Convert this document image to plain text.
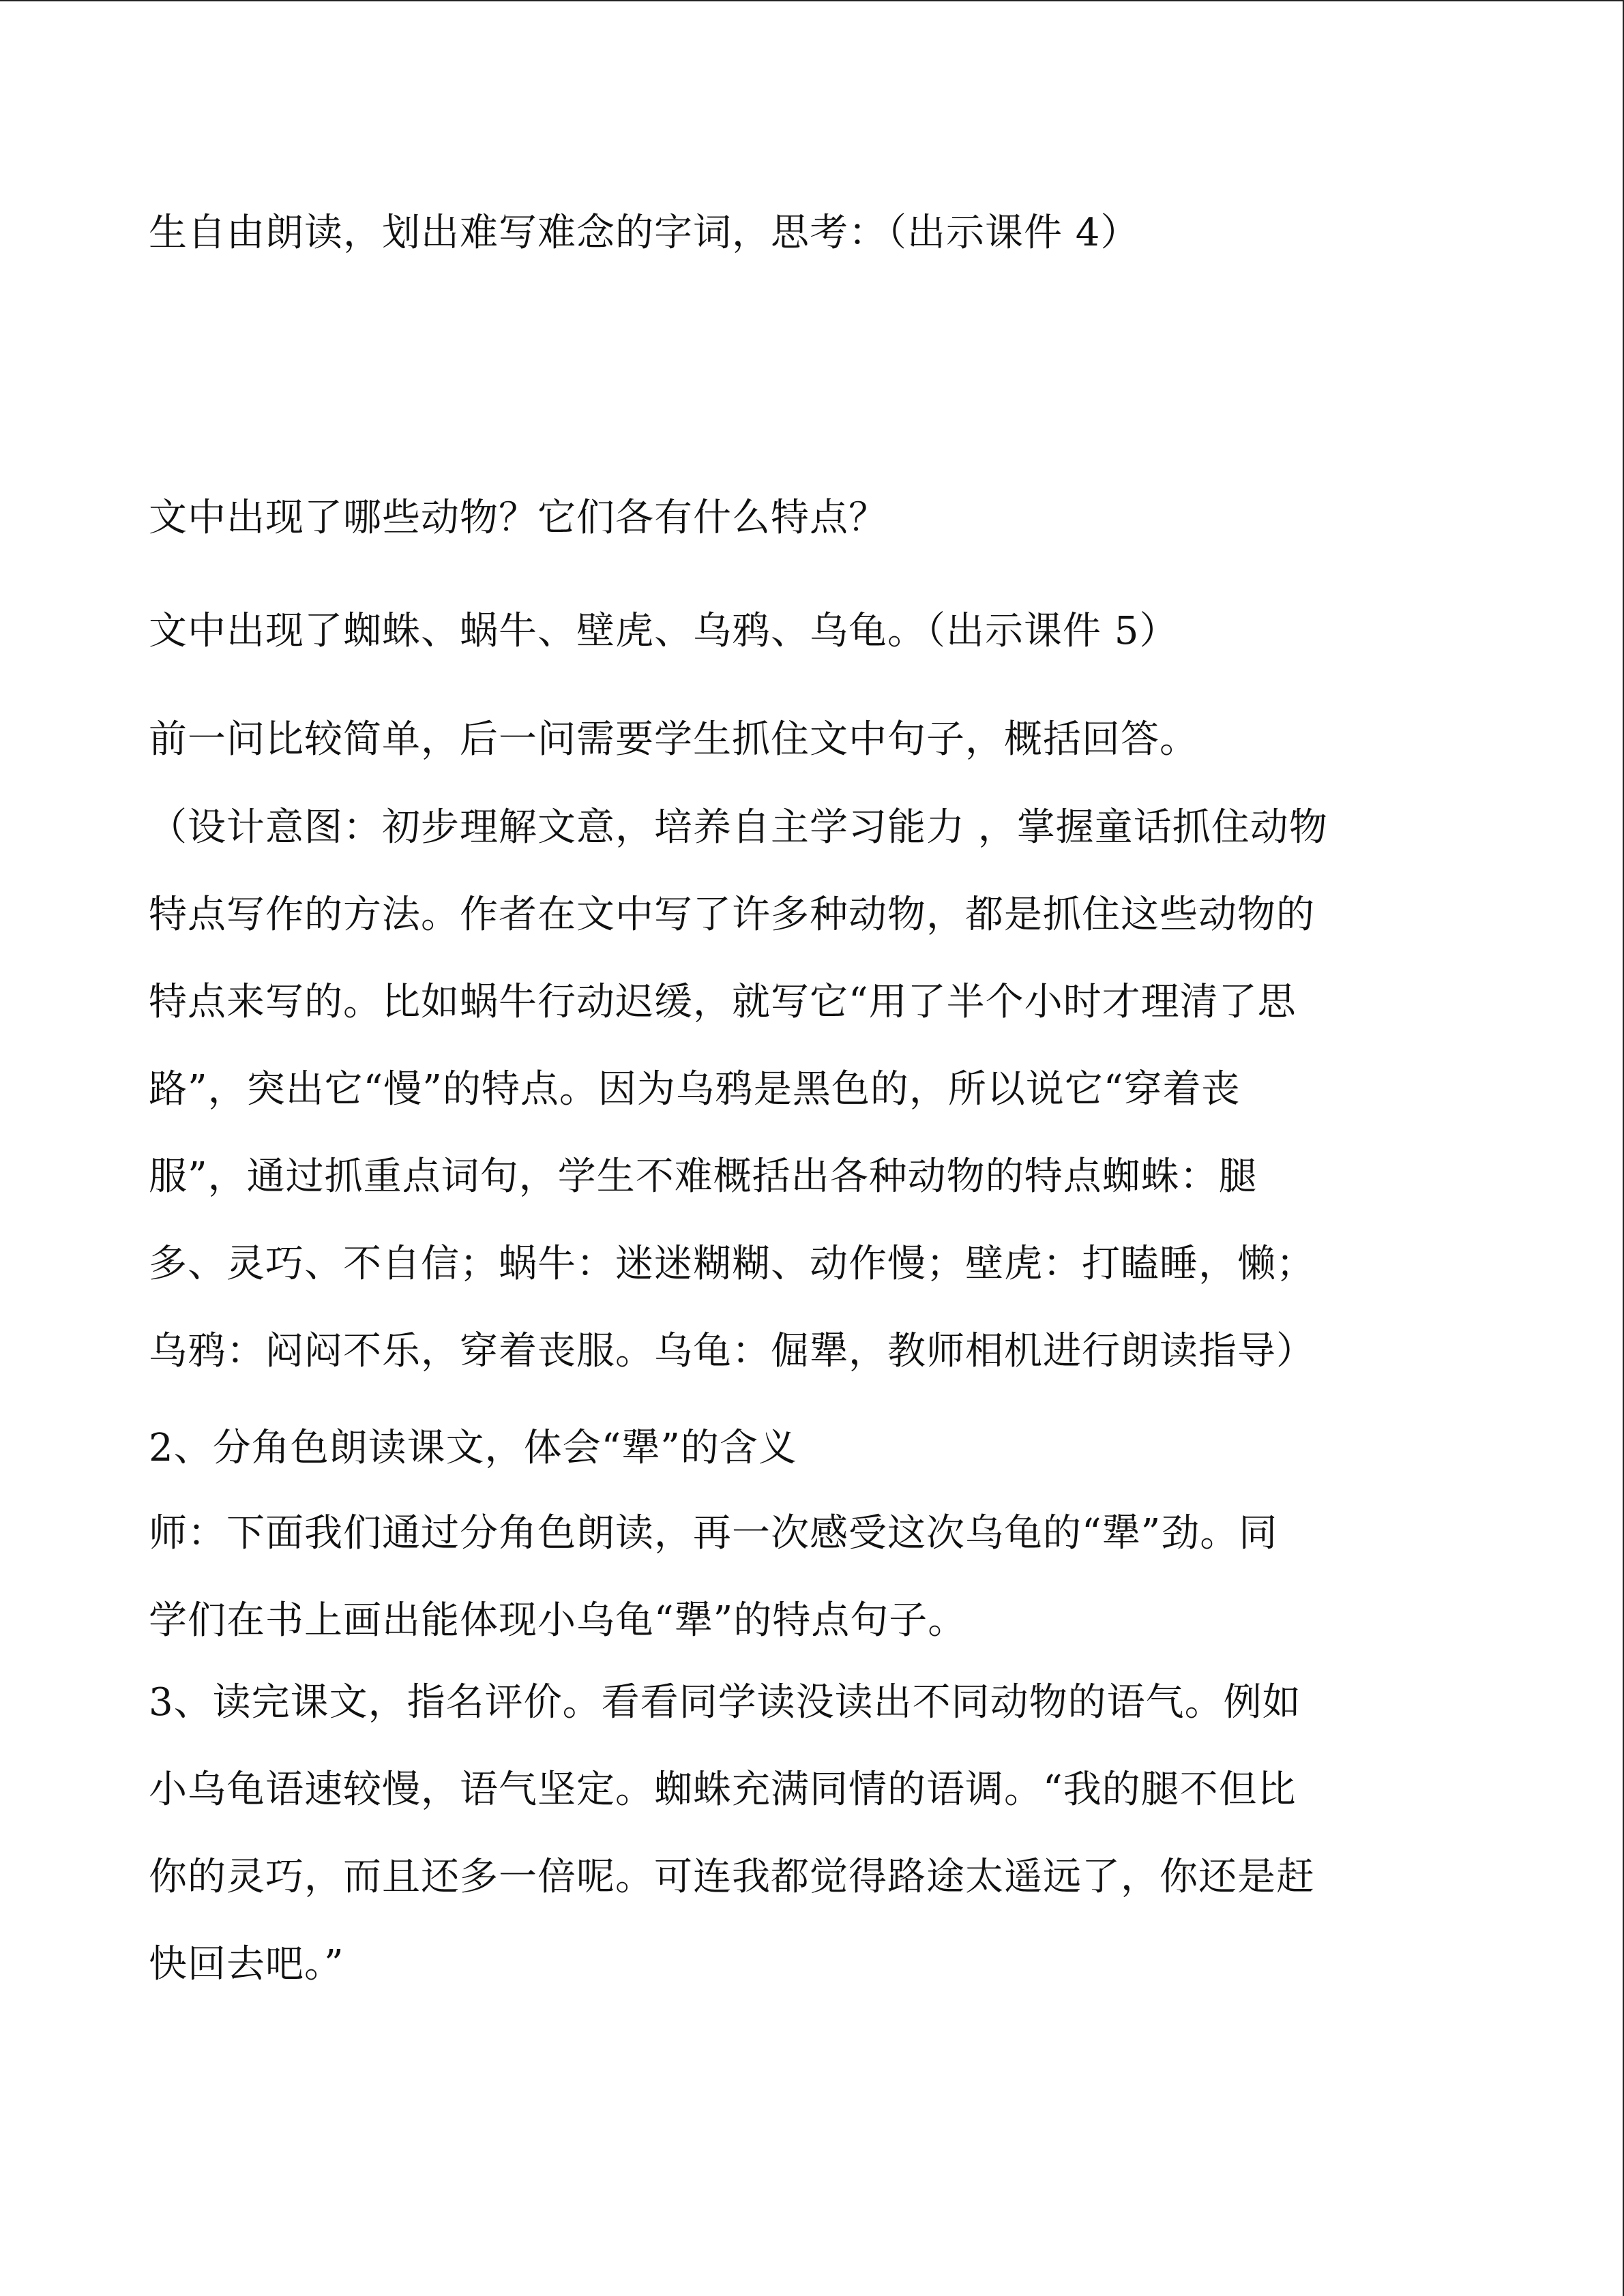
生自由朗读，划出难写难念的字词，思考：（出示课件 4）

文中出现了哪些动物？它们各有什么特点？

文中出现了蜘蛛、蜗牛、壁虎、乌鸦、乌龟。（出示课件 5）

前一问比较简单，后一问需要学生抓住文中句子，概括回答。

（设计意图：初步理解文意，培养自主学习能力 ，掌握童话抓住动物
特点写作的方法。作者在文中写了许多种动物，都是抓住这些动物的
特点来写的。比如蜗牛行动迟缓，就写它“用了半个小时才理清了思
路”，突出它“慢”的特点。因为乌鸦是黑色的，所以说它“穿着丧
服”，通过抓重点词句，学生不难概括出各种动物的特点蜘蛛：腿
多、灵巧、不自信；蜗牛：迷迷糊糊、动作慢；壁虎：打瞌睡，懒；
乌鸦：闷闷不乐，穿着丧服。乌龟：倔犟，教师相机进行朗读指导）

2、分角色朗读课文，体会“犟”的含义

师：下面我们通过分角色朗读，再一次感受这次乌龟的“犟”劲。同
学们在书上画出能体现小乌龟“犟”的特点句子。
3、读完课文，指名评价。看看同学读没读出不同动物的语气。例如
小乌龟语速较慢，语气坚定。蜘蛛充满同情的语调。“我的腿不但比
你的灵巧，而且还多一倍呢。可连我都觉得路途太遥远了，你还是赶
快回去吧。”
